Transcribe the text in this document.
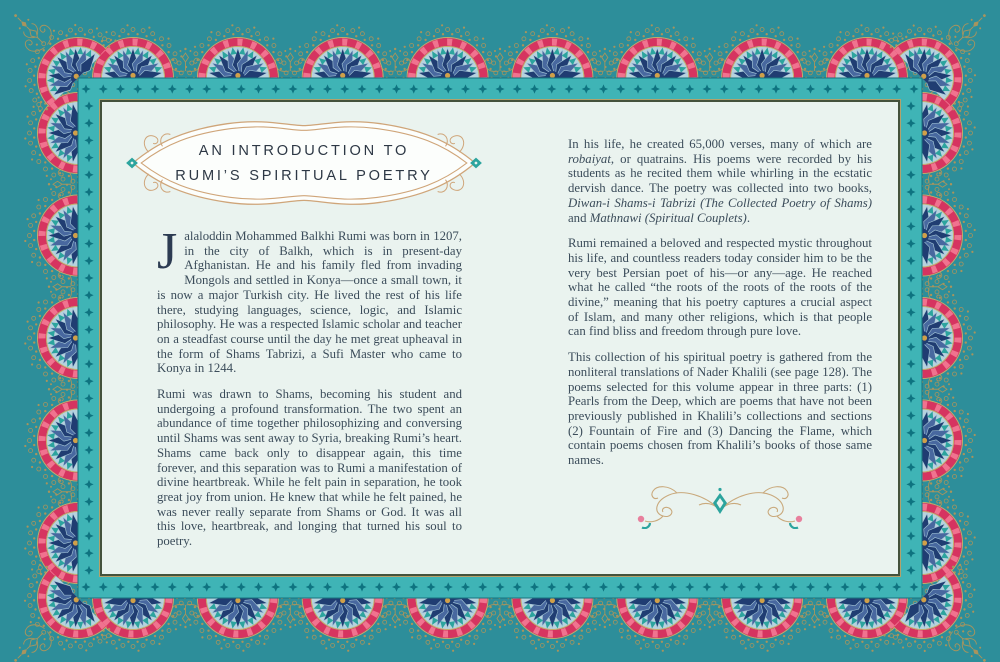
AN INTRODUCTION TO
RUMI’S SPIRITUAL POETRY

Jalaloddin Mohammed Balkhi Rumi was born in 1207, in the city of Balkh, which is in present-day Afghanistan. He and his family fled from invading Mongols and settled in Konya—once a small town, it is now a major Turkish city. He lived the rest of his life there, studying languages, science, logic, and Islamic philosophy. He was a respected Islamic scholar and teacher on a steadfast course until the day he met great upheaval in the form of Shams Tabrizi, a Sufi Master who came to Konya in 1244.

Rumi was drawn to Shams, becoming his student and undergoing a profound transformation. The two spent an abundance of time together philosophizing and conversing until Shams was sent away to Syria, breaking Rumi’s heart. Shams came back only to disappear again, this time forever, and this separation was to Rumi a manifestation of divine heartbreak. While he felt pain in separation, he took great joy from union. He knew that while he felt pained, he was never really separate from Shams or God. It was all this love, heartbreak, and longing that turned his soul to poetry.

In his life, he created 65,000 verses, many of which are robaiyat, or quatrains. His poems were recorded by his students as he recited them while whirling in the ecstatic dervish dance. The poetry was collected into two books, Diwan-i Shams-i Tabrizi (The Collected Poetry of Shams) and Mathnawi (Spiritual Couplets).

Rumi remained a beloved and respected mystic throughout his life, and countless readers today consider him to be the very best Persian poet of his—or any—age. He reached what he called “the roots of the roots of the roots of the divine,” meaning that his poetry captures a crucial aspect of Islam, and many other religions, which is that people can find bliss and freedom through pure love.

This collection of his spiritual poetry is gathered from the nonliteral translations of Nader Khalili (see page 128). The poems selected for this volume appear in three parts: (1) Pearls from the Deep, which are poems that have not been previously published in Khalili’s collections and sections (2) Fountain of Fire and (3) Dancing the Flame, which contain poems chosen from Khalili’s books of those same names.
